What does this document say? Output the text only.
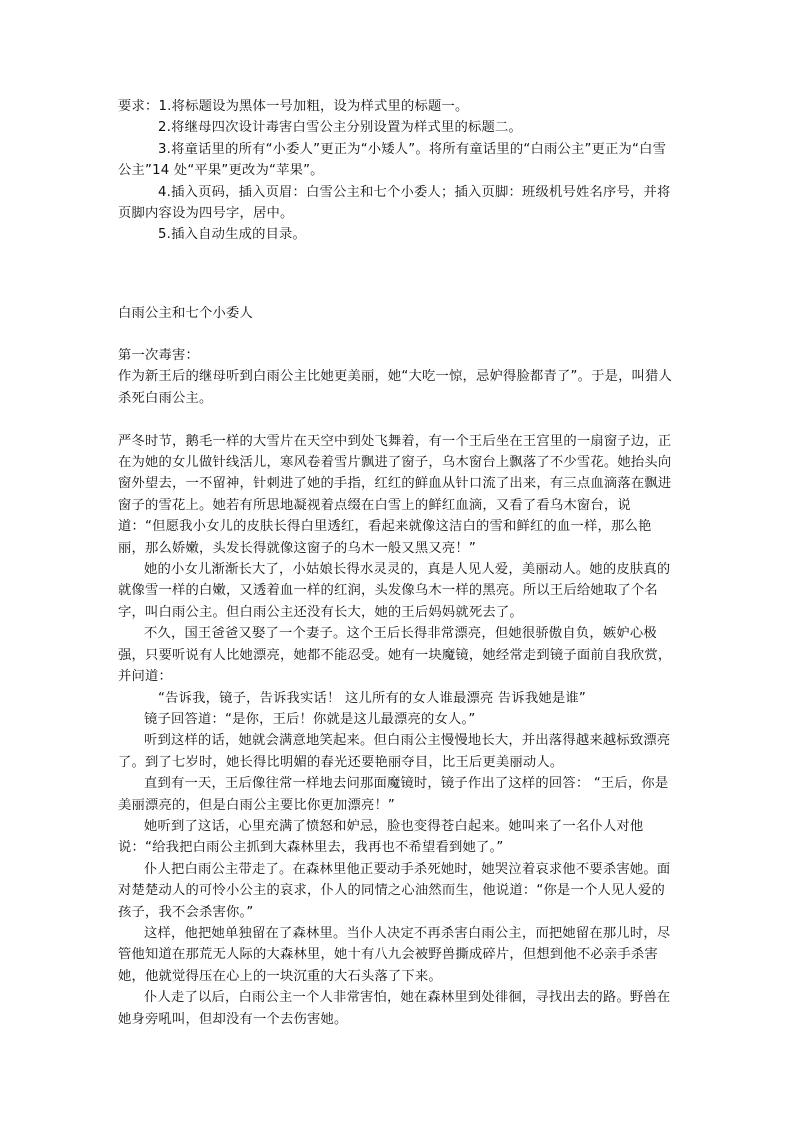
要求：1.将标题设为黑体一号加粗，设为样式里的标题一。

2.将继母四次设计毒害白雪公主分别设置为样式里的标题二。

3.将童话里的所有“小委人”更正为“小矮人”。将所有童话里的“白雨公主”更正为“白雪公主”14 处“平果”更改为“苹果”。

4.插入页码，插入页眉：白雪公主和七个小委人；插入页脚：班级机号姓名序号，并将页脚内容设为四号字，居中。

5.插入自动生成的目录。

白雨公主和七个小委人

第一次毒害：

作为新王后的继母听到白雨公主比她更美丽，她“大吃一惊，忌妒得脸都青了”。于是，叫猎人杀死白雨公主。

严冬时节，鹅毛一样的大雪片在天空中到处飞舞着，有一个王后坐在王宫里的一扇窗子边，正在为她的女儿做针线活儿，寒风卷着雪片飘进了窗子，乌木窗台上飘落了不少雪花。她抬头向窗外望去，一不留神，针刺进了她的手指，红红的鲜血从针口流了出来，有三点血滴落在飘进窗子的雪花上。她若有所思地凝视着点缀在白雪上的鲜红血滴，又看了看乌木窗台，说道：“但愿我小女儿的皮肤长得白里透红，看起来就像这洁白的雪和鲜红的血一样，那么艳丽，那么娇嫩，头发长得就像这窗子的乌木一般又黑又亮！”

她的小女儿渐渐长大了，小姑娘长得水灵灵的，真是人见人爱，美丽动人。她的皮肤真的就像雪一样的白嫩，又透着血一样的红润，头发像乌木一样的黑亮。所以王后给她取了个名字，叫白雨公主。但白雨公主还没有长大，她的王后妈妈就死去了。

不久，国王爸爸又娶了一个妻子。这个王后长得非常漂亮，但她很骄傲自负，嫉妒心极强，只要听说有人比她漂亮，她都不能忍受。她有一块魔镜，她经常走到镜子面前自我欣赏，并问道：

“告诉我，镜子，告诉我实话！ 这儿所有的女人谁最漂亮 告诉我她是谁”

镜子回答道：“是你，王后！你就是这儿最漂亮的女人。”

听到这样的话，她就会满意地笑起来。但白雨公主慢慢地长大，并出落得越来越标致漂亮了。到了七岁时，她长得比明媚的春光还要艳丽夺目，比王后更美丽动人。

直到有一天，王后像往常一样地去问那面魔镜时，镜子作出了这样的回答： “王后，你是美丽漂亮的，但是白雨公主要比你更加漂亮！”

她听到了这话，心里充满了愤怒和妒忌，脸也变得苍白起来。她叫来了一名仆人对他说：“给我把白雨公主抓到大森林里去，我再也不希望看到她了。”

仆人把白雨公主带走了。在森林里他正要动手杀死她时，她哭泣着哀求他不要杀害她。面对楚楚动人的可怜小公主的哀求，仆人的同情之心油然而生，他说道：“你是一个人见人爱的孩子，我不会杀害你。”

这样，他把她单独留在了森林里。当仆人决定不再杀害白雨公主，而把她留在那儿时，尽管他知道在那荒无人际的大森林里，她十有八九会被野兽撕成碎片，但想到他不必亲手杀害她，他就觉得压在心上的一块沉重的大石头落了下来。

仆人走了以后，白雨公主一个人非常害怕，她在森林里到处徘徊，寻找出去的路。野兽在她身旁吼叫，但却没有一个去伤害她。
